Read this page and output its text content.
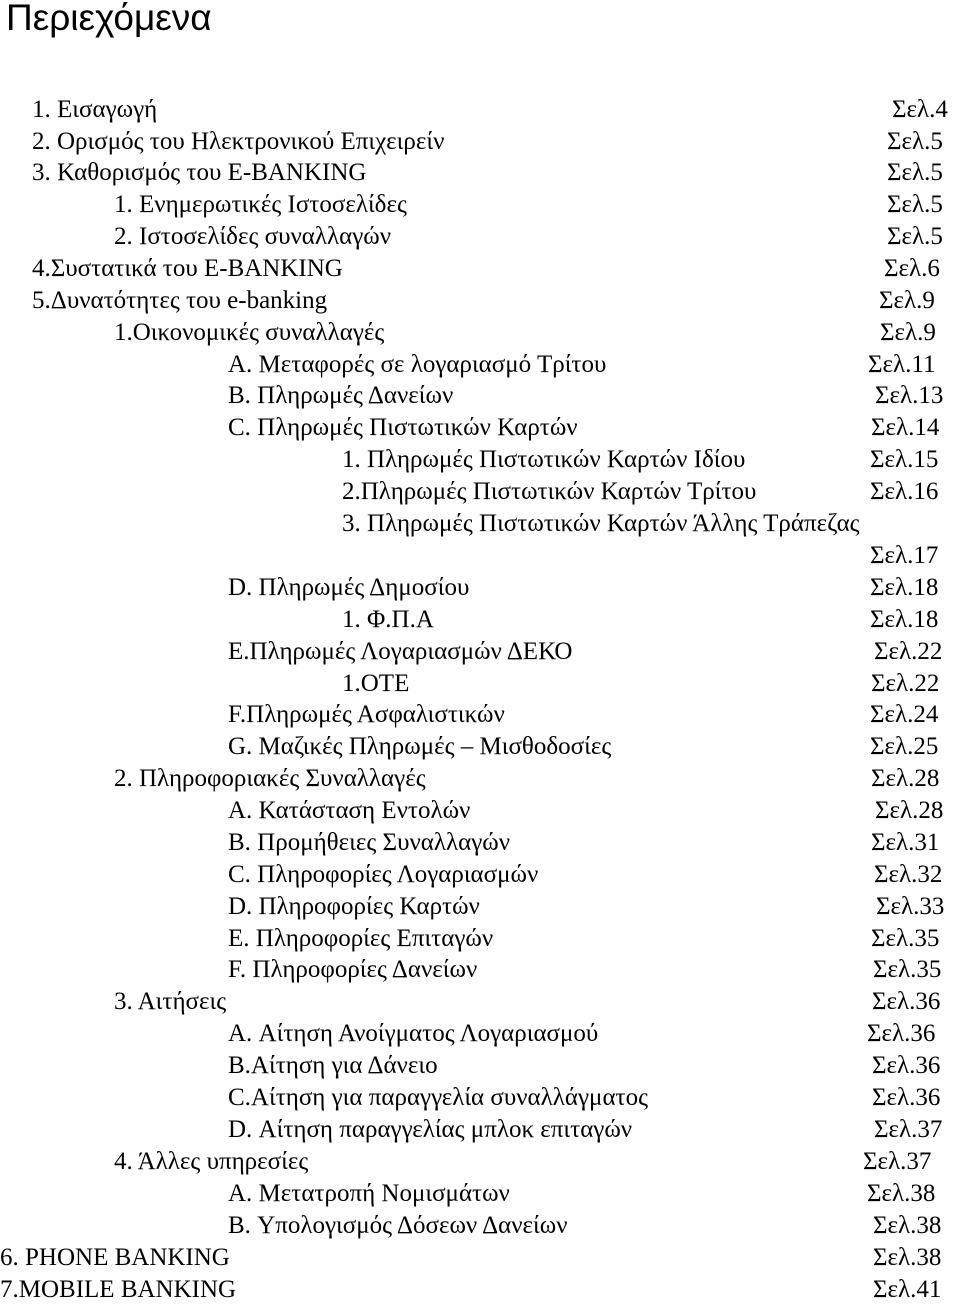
Περιεχόμενα
1. Εισαγωγή
2. Ορισμός του Ηλεκτρονικού Επιχειρείν
3. Καθορισμός του E-BANKING
1. Ενημερωτικές Ιστοσελίδες
2. Ιστοσελίδες συναλλαγών
4.Συστατικά του E-BANKING
5.Δυνατότητες του e-banking
1.Οικονομικές συναλλαγές
A. Μεταφορές σε λογαριασμό Τρίτου
B. Πληρωμές Δανείων
C. Πληρωμές Πιστωτικών Καρτών
1. Πληρωμές Πιστωτικών Καρτών Ιδίου
2.Πληρωμές Πιστωτικών Καρτών Τρίτου
3. Πληρωμές Πιστωτικών Καρτών Άλλης Τράπεζας
D. Πληρωμές Δημοσίου
1. Φ.Π.Α
E.Πληρωμές Λογαριασμών ΔΕΚΟ
1.ΟΤΕ
F.Πληρωμές Ασφαλιστικών
G. Μαζικές Πληρωμές – Μισθοδοσίες
2. Πληροφοριακές Συναλλαγές
A. Κατάσταση Εντολών
B. Προμήθειες Συναλλαγών
C. Πληροφορίες Λογαριασμών
D. Πληροφορίες Καρτών
E. Πληροφορίες Επιταγών
F. Πληροφορίες Δανείων
3. Αιτήσεις
A. Αίτηση Ανοίγματος Λογαριασμού
B.Αίτηση για Δάνειο
C.Αίτηση για παραγγελία συναλλάγματος
D. Αίτηση παραγγελίας μπλοκ επιταγών
4. Άλλες υπηρεσίες
A. Μετατροπή Νομισμάτων
B. Υπολογισμός Δόσεων Δανείων
6. PHONE BANKING
7.MOBILE BANKING
Σελ.4
Σελ.5
Σελ.5
Σελ.5
Σελ.5
Σελ.6
Σελ.9
Σελ.9
Σελ.11
Σελ.13
Σελ.14
Σελ.15
Σελ.16
Σελ.17
Σελ.18
Σελ.18
Σελ.22
Σελ.22
Σελ.24
Σελ.25
Σελ.28
Σελ.28
Σελ.31
Σελ.32
Σελ.33
Σελ.35
Σελ.35
Σελ.36
Σελ.36
Σελ.36
Σελ.36
Σελ.37
Σελ.37
Σελ.38
Σελ.38
Σελ.38
Σελ.41
